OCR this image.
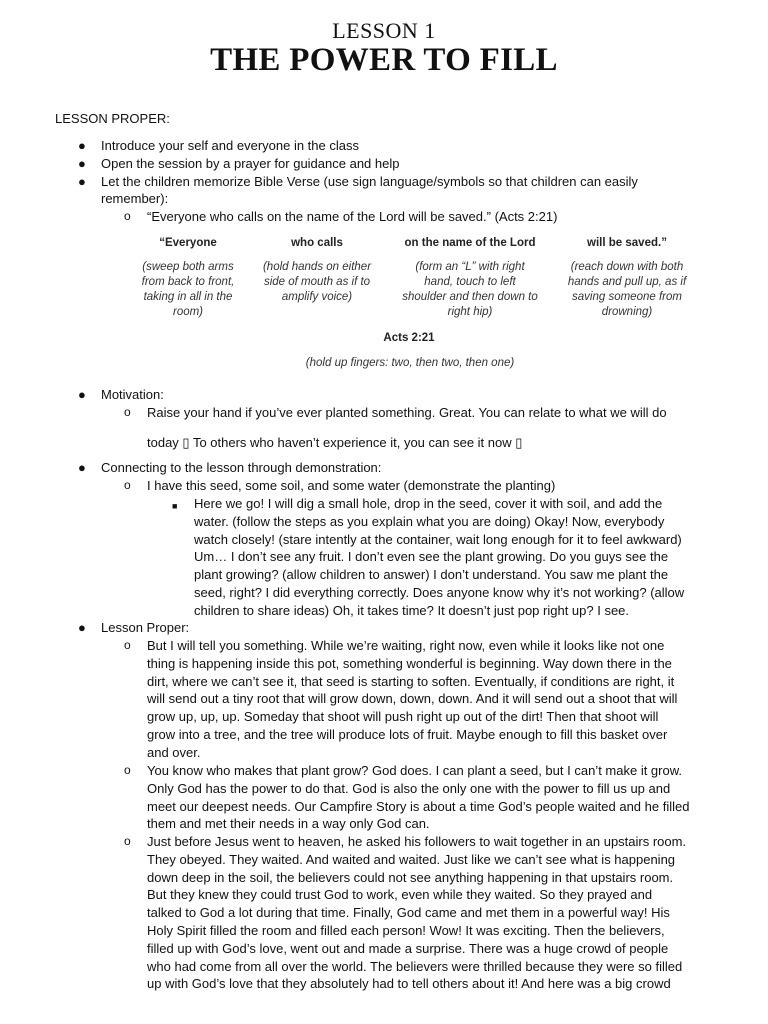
LESSON 1
THE POWER TO FILL
LESSON PROPER:
● Introduce your self and everyone in the class
● Open the session by a prayer for guidance and help
● Let the children memorize Bible Verse (use sign language/symbols so that children can easily
remember):
o “Everyone who calls on the name of the Lord will be saved.” (Acts 2:21)
“Everyone
(sweep both arms
from back to front,
taking in all in the
room)
who calls
(hold hands on either
side of mouth as if to
amplify voice)
on the name of the Lord
(form an “L” with right
hand, touch to left
shoulder and then down to
right hip)
will be saved.”
(reach down with both
hands and pull up, as if
saving someone from
drowning)
Acts 2:21
(hold up fingers: two, then two, then one)
● Motivation:
o Raise your hand if you’ve ever planted something. Great. You can relate to what we will do
today ▯ To others who haven’t experience it, you can see it now ▯
● Connecting to the lesson through demonstration:
o I have this seed, some soil, and some water (demonstrate the planting)
■ Here we go! I will dig a small hole, drop in the seed, cover it with soil, and add the
water. (follow the steps as you explain what you are doing) Okay! Now, everybody
watch closely! (stare intently at the container, wait long enough for it to feel awkward)
Um… I don’t see any fruit. I don’t even see the plant growing. Do you guys see the
plant growing? (allow children to answer) I don’t understand. You saw me plant the
seed, right? I did everything correctly. Does anyone know why it’s not working? (allow
children to share ideas) Oh, it takes time? It doesn’t just pop right up? I see.
● Lesson Proper:
o But I will tell you something. While we’re waiting, right now, even while it looks like not one
thing is happening inside this pot, something wonderful is beginning. Way down there in the
dirt, where we can’t see it, that seed is starting to soften. Eventually, if conditions are right, it
will send out a tiny root that will grow down, down, down. And it will send out a shoot that will
grow up, up, up. Someday that shoot will push right up out of the dirt! Then that shoot will
grow into a tree, and the tree will produce lots of fruit. Maybe enough to fill this basket over
and over.
o You know who makes that plant grow? God does. I can plant a seed, but I can’t make it grow.
Only God has the power to do that. God is also the only one with the power to fill us up and
meet our deepest needs. Our Campfire Story is about a time God’s people waited and he filled
them and met their needs in a way only God can.
o Just before Jesus went to heaven, he asked his followers to wait together in an upstairs room.
They obeyed. They waited. And waited and waited. Just like we can’t see what is happening
down deep in the soil, the believers could not see anything happening in that upstairs room.
But they knew they could trust God to work, even while they waited. So they prayed and
talked to God a lot during that time. Finally, God came and met them in a powerful way! His
Holy Spirit filled the room and filled each person! Wow! It was exciting. Then the believers,
filled up with God’s love, went out and made a surprise. There was a huge crowd of people
who had come from all over the world. The believers were thrilled because they were so filled
up with God’s love that they absolutely had to tell others about it! And here was a big crowd
